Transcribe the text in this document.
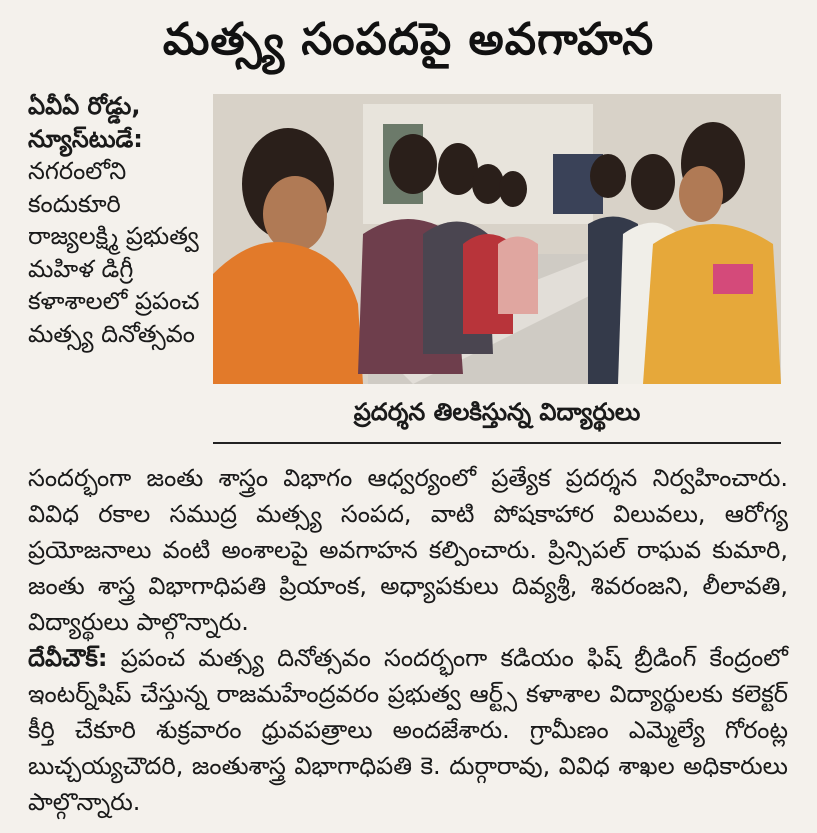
మత్స్య సంపదపై అవగాహన
ఏవీఏ రోడ్డు, న్యూస్‌టుడే: నగరంలోని కందుకూరి రాజ్యలక్ష్మి ప్రభుత్వ మహిళ డిగ్రీ కళాశాలలో ప్రపంచ మత్స్య దినోత్సవం
ప్రదర్శన తిలకిస్తున్న విద్యార్థులు

సందర్భంగా జంతు శాస్త్రం విభాగం ఆధ్వర్యంలో ప్రత్యేక ప్రదర్శన నిర్వహించారు. వివిధ రకాల సముద్ర మత్స్య సంపద, వాటి పోషకాహార విలువలు, ఆరోగ్య ప్రయోజనాలు వంటి అంశాలపై అవగాహన కల్పించారు. ప్రిన్సిపల్ రాఘవ కుమారి, జంతు శాస్త్ర విభాగాధిపతి ప్రియాంక, అధ్యాపకులు దివ్యశ్రీ, శివరంజని, లీలావతి, విద్యార్థులు పాల్గొన్నారు.

దేవీచౌక్: ప్రపంచ మత్స్య దినోత్సవం సందర్భంగా కడియం ఫిష్ బ్రీడింగ్ కేంద్రంలో ఇంటర్న్‌షిప్ చేస్తున్న రాజమహేంద్రవరం ప్రభుత్వ ఆర్ట్స్ కళాశాల విద్యార్థులకు కలెక్టర్ కీర్తి చేకూరి శుక్రవారం ధ్రువపత్రాలు అందజేశారు. గ్రామీణం ఎమ్మెల్యే గోరంట్ల బుచ్చయ్యచౌదరి, జంతుశాస్త్ర విభాగాధిపతి కె. దుర్గారావు, వివిధ శాఖల అధికారులు పాల్గొన్నారు.
